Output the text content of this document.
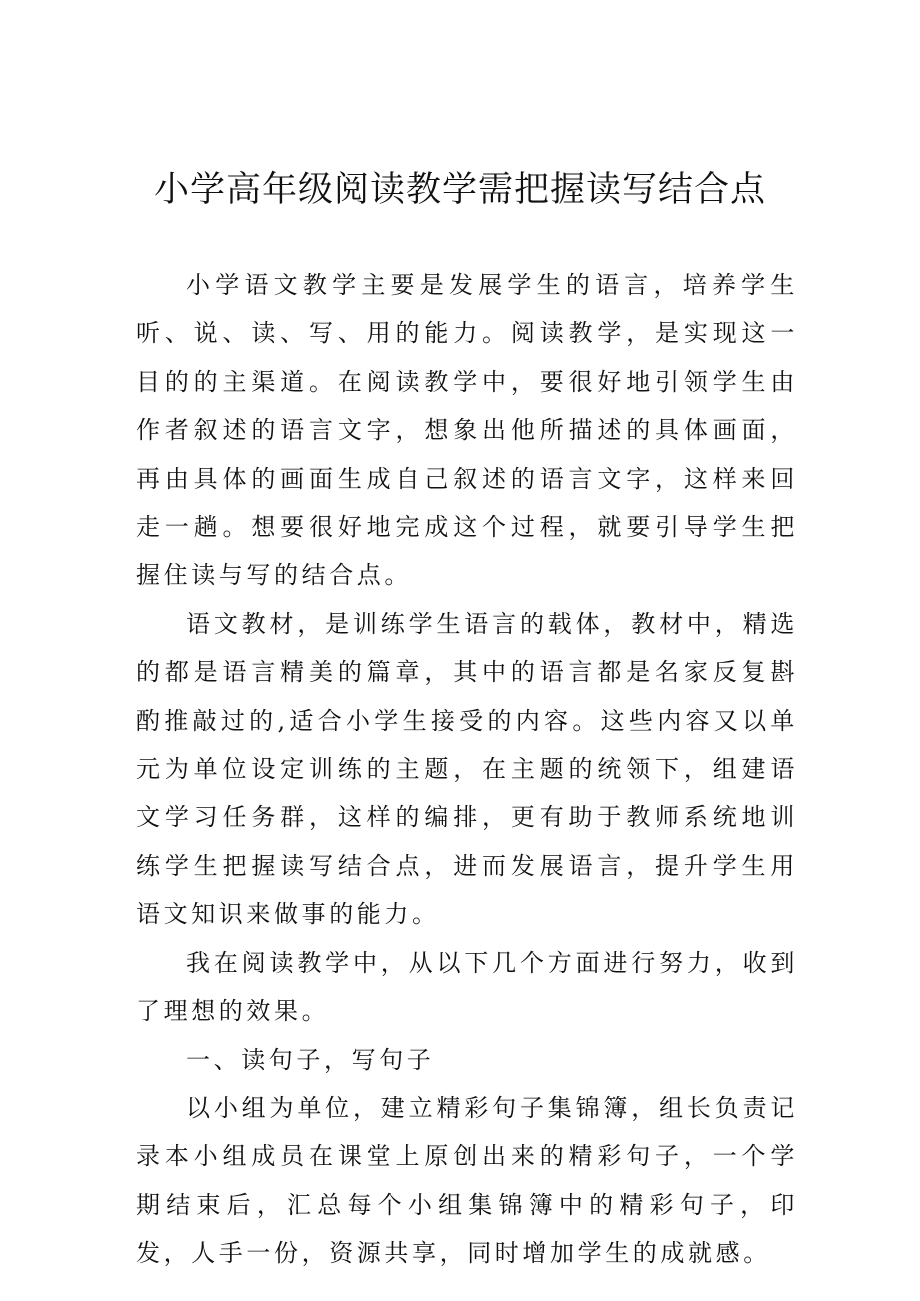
小学高年级阅读教学需把握读写结合点

小学语文教学主要是发展学生的语言，培养学生听、说、读、写、用的能力。阅读教学，是实现这一目的的主渠道。在阅读教学中，要很好地引领学生由作者叙述的语言文字，想象出他所描述的具体画面，再由具体的画面生成自己叙述的语言文字，这样来回走一趟。想要很好地完成这个过程，就要引导学生把握住读与写的结合点。

语文教材，是训练学生语言的载体，教材中，精选的都是语言精美的篇章，其中的语言都是名家反复斟酌推敲过的,适合小学生接受的内容。这些内容又以单元为单位设定训练的主题，在主题的统领下，组建语文学习任务群，这样的编排，更有助于教师系统地训练学生把握读写结合点，进而发展语言，提升学生用语文知识来做事的能力。

我在阅读教学中，从以下几个方面进行努力，收到了理想的效果。

一、读句子，写句子

以小组为单位，建立精彩句子集锦簿，组长负责记录本小组成员在课堂上原创出来的精彩句子，一个学期结束后，汇总每个小组集锦簿中的精彩句子，印发，人手一份，资源共享，同时增加学生的成就感。
